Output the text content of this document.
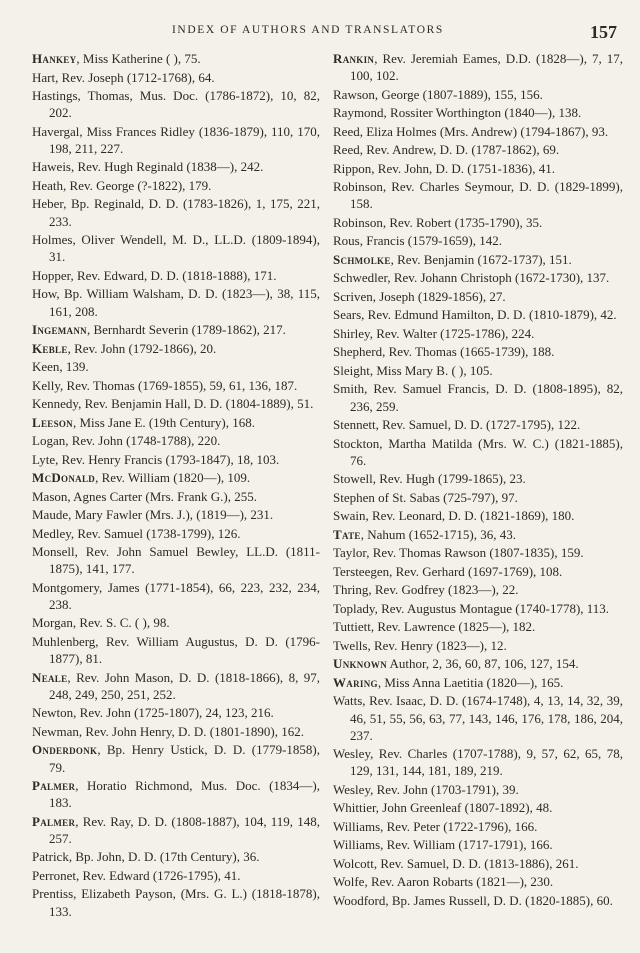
INDEX OF AUTHORS AND TRANSLATORS	157
Hankey, Miss Katherine ( ), 75.
Hart, Rev. Joseph (1712-1768), 64.
Hastings, Thomas, Mus. Doc. (1786-1872), 10, 82, 202.
Havergal, Miss Frances Ridley (1836-1879), 110, 170, 198, 211, 227.
Haweis, Rev. Hugh Reginald (1838—), 242.
Heath, Rev. George (?-1822), 179.
Heber, Bp. Reginald, D. D. (1783-1826), 1, 175, 221, 233.
Holmes, Oliver Wendell, M. D., LL.D. (1809-1894), 31.
Hopper, Rev. Edward, D. D. (1818-1888), 171.
How, Bp. William Walsham, D. D. (1823—), 38, 115, 161, 208.
Ingemann, Bernhardt Severin (1789-1862), 217.
Keble, Rev. John (1792-1866), 20.
Keen, 139.
Kelly, Rev. Thomas (1769-1855), 59, 61, 136, 187.
Kennedy, Rev. Benjamin Hall, D. D. (1804-1889), 51.
Leeson, Miss Jane E. (19th Century), 168.
Logan, Rev. John (1748-1788), 220.
Lyte, Rev. Henry Francis (1793-1847), 18, 103.
McDonald, Rev. William (1820—), 109.
Mason, Agnes Carter (Mrs. Frank G.), 255.
Maude, Mary Fawler (Mrs. J.), (1819—), 231.
Medley, Rev. Samuel (1738-1799), 126.
Monsell, Rev. John Samuel Bewley, LL.D. (1811-1875), 141, 177.
Montgomery, James (1771-1854), 66, 223, 232, 234, 238.
Morgan, Rev. S. C. ( ), 98.
Muhlenberg, Rev. William Augustus, D. D. (1796-1877), 81.
Neale, Rev. John Mason, D. D. (1818-1866), 8, 97, 248, 249, 250, 251, 252.
Newton, Rev. John (1725-1807), 24, 123, 216.
Newman, Rev. John Henry, D. D. (1801-1890), 162.
Onderdonk, Bp. Henry Ustick, D. D. (1779-1858), 79.
Palmer, Horatio Richmond, Mus. Doc. (1834—), 183.
Palmer, Rev. Ray, D. D. (1808-1887), 104, 119, 148, 257.
Patrick, Bp. John, D. D. (17th Century), 36.
Perronet, Rev. Edward (1726-1795), 41.
Prentiss, Elizabeth Payson, (Mrs. G. L.) (1818-1878), 133.
Rankin, Rev. Jeremiah Eames, D.D. (1828—), 7, 17, 100, 102.
Rawson, George (1807-1889), 155, 156.
Raymond, Rossiter Worthington (1840—), 138.
Reed, Eliza Holmes (Mrs. Andrew) (1794-1867), 93.
Reed, Rev. Andrew, D. D. (1787-1862), 69.
Rippon, Rev. John, D. D. (1751-1836), 41.
Robinson, Rev. Charles Seymour, D. D. (1829-1899), 158.
Robinson, Rev. Robert (1735-1790), 35.
Rous, Francis (1579-1659), 142.
Schmolke, Rev. Benjamin (1672-1737), 151.
Schwedler, Rev. Johann Christoph (1672-1730), 137.
Scriven, Joseph (1829-1856), 27.
Sears, Rev. Edmund Hamilton, D. D. (1810-1879), 42.
Shirley, Rev. Walter (1725-1786), 224.
Shepherd, Rev. Thomas (1665-1739), 188.
Sleight, Miss Mary B. ( ), 105.
Smith, Rev. Samuel Francis, D. D. (1808-1895), 82, 236, 259.
Stennett, Rev. Samuel, D. D. (1727-1795), 122.
Stockton, Martha Matilda (Mrs. W. C.) (1821-1885), 76.
Stowell, Rev. Hugh (1799-1865), 23.
Stephen of St. Sabas (725-797), 97.
Swain, Rev. Leonard, D. D. (1821-1869), 180.
Tate, Nahum (1652-1715), 36, 43.
Taylor, Rev. Thomas Rawson (1807-1835), 159.
Tersteegen, Rev. Gerhard (1697-1769), 108.
Thring, Rev. Godfrey (1823—), 22.
Toplady, Rev. Augustus Montague (1740-1778), 113.
Tuttiett, Rev. Lawrence (1825—), 182.
Twells, Rev. Henry (1823—), 12.
Unknown Author, 2, 36, 60, 87, 106, 127, 154.
Waring, Miss Anna Laetitia (1820—), 165.
Watts, Rev. Isaac, D. D. (1674-1748), 4, 13, 14, 32, 39, 46, 51, 55, 56, 63, 77, 143, 146, 176, 178, 186, 204, 237.
Wesley, Rev. Charles (1707-1788), 9, 57, 62, 65, 78, 129, 131, 144, 181, 189, 219.
Wesley, Rev. John (1703-1791), 39.
Whittier, John Greenleaf (1807-1892), 48.
Williams, Rev. Peter (1722-1796), 166.
Williams, Rev. William (1717-1791), 166.
Wolcott, Rev. Samuel, D. D. (1813-1886), 261.
Wolfe, Rev. Aaron Robarts (1821—), 230.
Woodford, Bp. James Russell, D. D. (1820-1885), 60.
